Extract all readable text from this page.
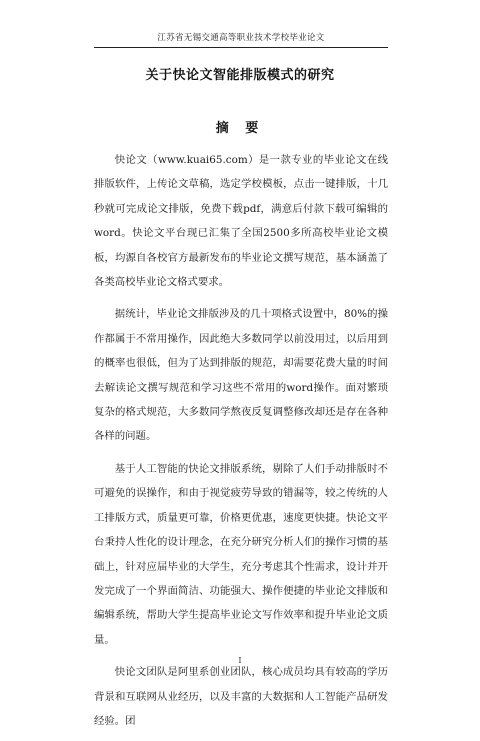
江苏省无锡交通高等职业技术学校毕业论文
关于快论文智能排版模式的研究
摘 要

快论文（www.kuai65.com）是一款专业的毕业论文在线排版软件，上传论文草稿，选定学校模板，点击一键排版，十几秒就可完成论文排版，免费下载pdf，满意后付款下载可编辑的word。快论文平台现已汇集了全国2500多所高校毕业论文模板，均源自各校官方最新发布的毕业论文撰写规范，基本涵盖了各类高校毕业论文格式要求。

据统计，毕业论文排版涉及的几十项格式设置中，80%的操作都属于不常用操作，因此绝大多数同学以前没用过，以后用到的概率也很低，但为了达到排版的规范，却需要花费大量的时间去解读论文撰写规范和学习这些不常用的word操作。面对繁琐复杂的格式规范，大多数同学熬夜反复调整修改却还是存在各种各样的问题。

基于人工智能的快论文排版系统，剔除了人们手动排版时不可避免的误操作，和由于视觉疲劳导致的错漏等，较之传统的人工排版方式，质量更可靠，价格更优惠，速度更快捷。快论文平台秉持人性化的设计理念，在充分研究分析人们的操作习惯的基础上，针对应届毕业的大学生，充分考虑其个性需求，设计并开发完成了一个界面简洁、功能强大、操作便捷的毕业论文排版和编辑系统，帮助大学生提高毕业论文写作效率和提升毕业论文质量。

快论文团队是阿里系创业团队，核心成员均具有较高的学历背景和互联网从业经历，以及丰富的大数据和人工智能产品研发经验。团

I
